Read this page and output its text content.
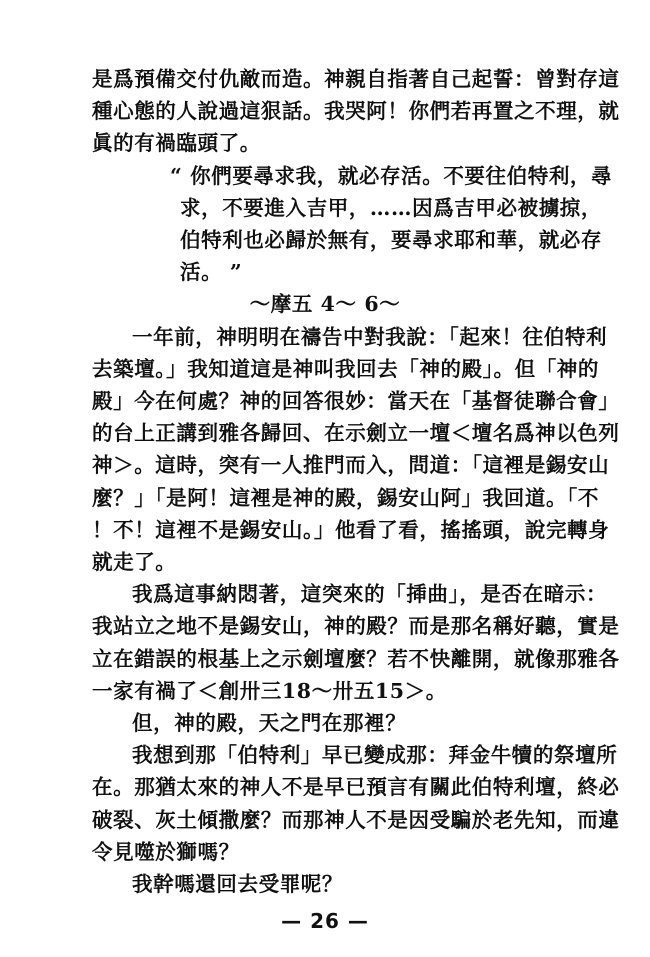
是爲預備交付仇敵而造。神親自指著自己起誓：曾對存這
種心態的人說過這狠話。我哭阿！你們若再置之不理，就
眞的有禍臨頭了。
“ 你們要尋求我，就必存活。不要往伯特利，尋
求，不要進入吉甲，……因爲吉甲必被擄掠，
伯特利也必歸於無有，要尋求耶和華，就必存
活。 ”
～摩五 4～ 6～
一年前，神明明在禱告中對我說：「起來！往伯特利
去築壇。」我知道這是神叫我回去「神的殿」。但「神的
殿」今在何處？神的回答很妙：當天在「基督徒聯合會」
的台上正講到雅各歸回、在示劍立一壇＜壇名爲神以色列
神＞。這時，突有一人推門而入，問道：「這裡是錫安山
麼？」「是阿！這裡是神的殿，錫安山阿」我回道。「不
！不！這裡不是錫安山。」他看了看，搖搖頭，說完轉身
就走了。
我爲這事納悶著，這突來的「揷曲」，是否在暗示：
我站立之地不是錫安山，神的殿？而是那名稱好聽，實是
立在錯誤的根基上之示劍壇麼？若不快離開，就像那雅各
一家有禍了＜創卅三18～卅五15＞。
但，神的殿，天之門在那裡？
我想到那「伯特利」早已變成那：拜金牛犢的祭壇所
在。那猶太來的神人不是早已預言有關此伯特利壇，終必
破裂、灰土傾撒麼？而那神人不是因受騙於老先知，而違
令見噬於獅嗎？
我幹嗎還回去受罪呢？
— 26 —
